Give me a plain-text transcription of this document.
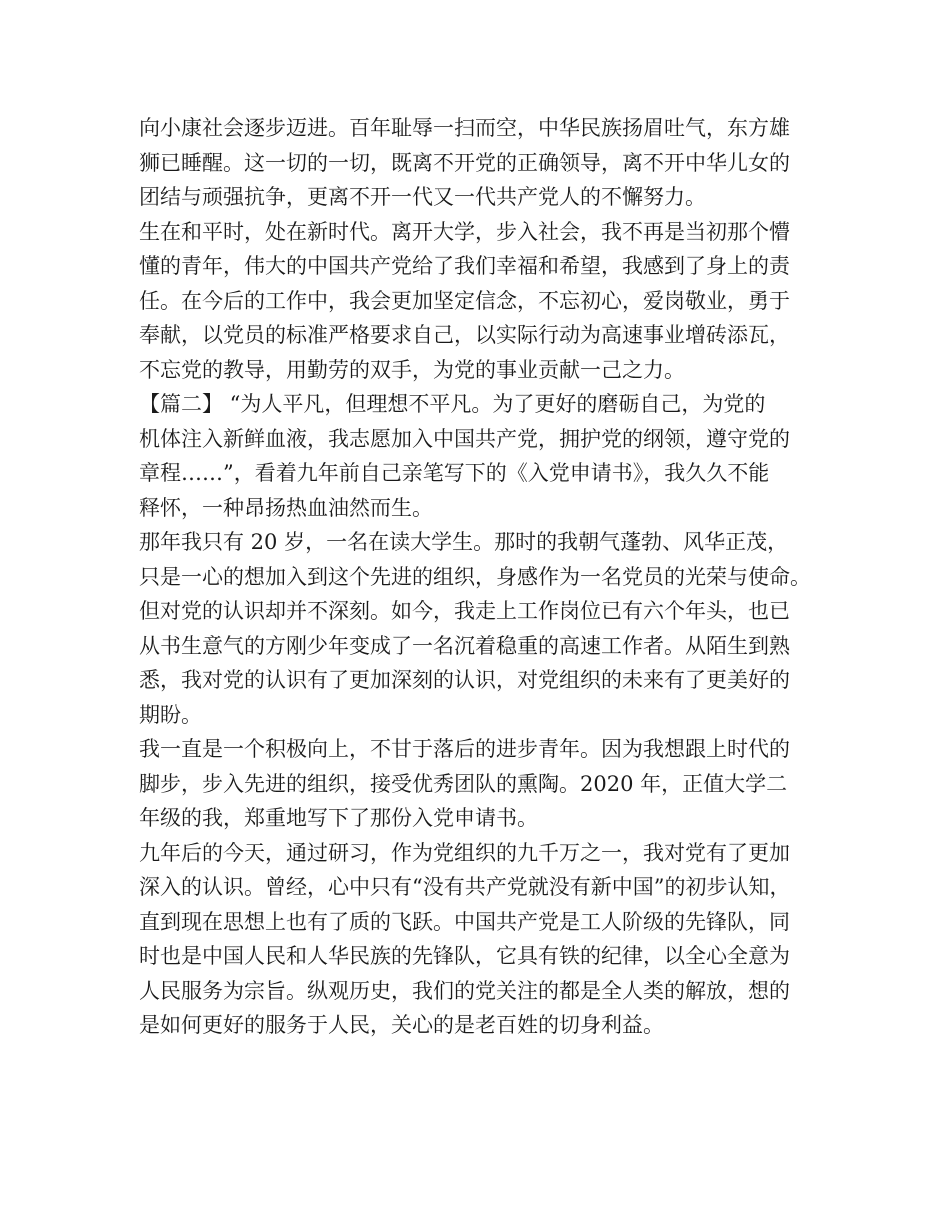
向小康社会逐步迈进。百年耻辱一扫而空，中华民族扬眉吐气，东方雄
狮已睡醒。这一切的一切，既离不开党的正确领导，离不开中华儿女的
团结与顽强抗争，更离不开一代又一代共产党人的不懈努力。
生在和平时，处在新时代。离开大学，步入社会，我不再是当初那个懵
懂的青年，伟大的中国共产党给了我们幸福和希望，我感到了身上的责
任。在今后的工作中，我会更加坚定信念，不忘初心，爱岗敬业，勇于
奉献，以党员的标准严格要求自己，以实际行动为高速事业增砖添瓦，
不忘党的教导，用勤劳的双手，为党的事业贡献一己之力。
【篇二】 “为人平凡，但理想不平凡。为了更好的磨砺自己，为党的
机体注入新鲜血液，我志愿加入中国共产党，拥护党的纲领，遵守党的
章程……”，看着九年前自己亲笔写下的《入党申请书》，我久久不能
释怀，一种昂扬热血油然而生。
那年我只有 20 岁，一名在读大学生。那时的我朝气蓬勃、风华正茂，
只是一心的想加入到这个先进的组织，身感作为一名党员的光荣与使命。
但对党的认识却并不深刻。如今，我走上工作岗位已有六个年头，也已
从书生意气的方刚少年变成了一名沉着稳重的高速工作者。从陌生到熟
悉，我对党的认识有了更加深刻的认识，对党组织的未来有了更美好的
期盼。
我一直是一个积极向上，不甘于落后的进步青年。因为我想跟上时代的
脚步，步入先进的组织，接受优秀团队的熏陶。2020 年，正值大学二
年级的我，郑重地写下了那份入党申请书。
九年后的今天，通过研习，作为党组织的九千万之一，我对党有了更加
深入的认识。曾经，心中只有“没有共产党就没有新中国”的初步认知，
直到现在思想上也有了质的飞跃。中国共产党是工人阶级的先锋队，同
时也是中国人民和人华民族的先锋队，它具有铁的纪律，以全心全意为
人民服务为宗旨。纵观历史，我们的党关注的都是全人类的解放，想的
是如何更好的服务于人民，关心的是老百姓的切身利益。
